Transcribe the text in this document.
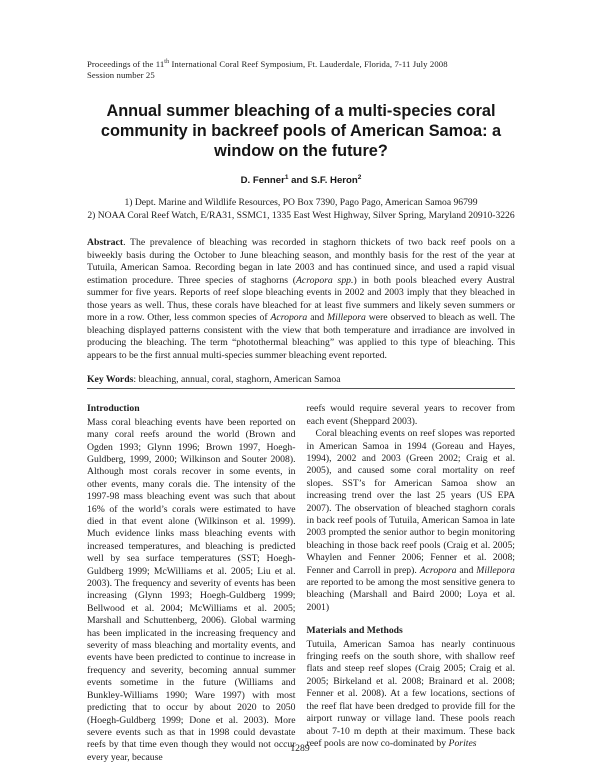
Proceedings of the 11th International Coral Reef Symposium, Ft. Lauderdale, Florida, 7-11 July 2008
Session number 25
Annual summer bleaching of a multi-species coral community in backreef pools of American Samoa: a window on the future?
D. Fenner$^1$ and S.F. Heron$^2$
1) Dept. Marine and Wildlife Resources, PO Box 7390, Pago Pago, American Samoa 96799
2) NOAA Coral Reef Watch, E/RA31, SSMC1, 1335 East West Highway, Silver Spring, Maryland 20910-3226

Abstract. The prevalence of bleaching was recorded in staghorn thickets of two back reef pools on a biweekly basis during the October to June bleaching season, and monthly basis for the rest of the year at Tutuila, American Samoa. Recording began in late 2003 and has continued since, and used a rapid visual estimation procedure. Three species of staghorns (Acropora spp.) in both pools bleached every Austral summer for five years. Reports of reef slope bleaching events in 2002 and 2003 imply that they bleached in those years as well. Thus, these corals have bleached for at least five summers and likely seven summers or more in a row. Other, less common species of Acropora and Millepora were observed to bleach as well. The bleaching displayed patterns consistent with the view that both temperature and irradiance are involved in producing the bleaching. The term “photothermal bleaching” was applied to this type of bleaching. This appears to be the first annual multi-species summer bleaching event reported.

Key Words: bleaching, annual, coral, staghorn, American Samoa

Introduction

Mass coral bleaching events have been reported on many coral reefs around the world (Brown and Ogden 1993; Glynn 1996; Brown 1997, Hoegh-Guldberg, 1999, 2000; Wilkinson and Souter 2008). Although most corals recover in some events, in other events, many corals die. The intensity of the 1997-98 mass bleaching event was such that about 16% of the world’s corals were estimated to have died in that event alone (Wilkinson et al. 1999). Much evidence links mass bleaching events with increased temperatures, and bleaching is predicted well by sea surface temperatures (SST; Hoegh-Guldberg 1999; McWilliams et al. 2005; Liu et al. 2003). The frequency and severity of events has been increasing (Glynn 1993; Hoegh-Guldberg 1999; Bellwood et al. 2004; McWilliams et al. 2005; Marshall and Schuttenberg, 2006). Global warming has been implicated in the increasing frequency and severity of mass bleaching and mortality events, and events have been predicted to continue to increase in frequency and severity, becoming annual summer events sometime in the future (Williams and Bunkley-Williams 1990; Ware 1997) with most predicting that to occur by about 2020 to 2050 (Hoegh-Guldberg 1999; Done et al. 2003). More severe events such as that in 1998 could devastate reefs by that time even though they would not occur every year, because

reefs would require several years to recover from each event (Sheppard 2003).

Coral bleaching events on reef slopes was reported in American Samoa in 1994 (Goreau and Hayes, 1994), 2002 and 2003 (Green 2002; Craig et al. 2005), and caused some coral mortality on reef slopes. SST’s for American Samoa show an increasing trend over the last 25 years (US EPA 2007). The observation of bleached staghorn corals in back reef pools of Tutuila, American Samoa in late 2003 prompted the senior author to begin monitoring bleaching in those back reef pools (Craig et al. 2005; Whaylen and Fenner 2006; Fenner et al. 2008; Fenner and Carroll in prep). Acropora and Millepora are reported to be among the most sensitive genera to bleaching (Marshall and Baird 2000; Loya et al. 2001)

Materials and Methods

Tutuila, American Samoa has nearly continuous fringing reefs on the south shore, with shallow reef flats and steep reef slopes (Craig 2005; Craig et al. 2005; Birkeland et al. 2008; Brainard et al. 2008; Fenner et al. 2008). At a few locations, sections of the reef flat have been dredged to provide fill for the airport runway or village land. These pools reach about 7-10 m depth at their maximum. These back reef pools are now co-dominated by Porites

1289
